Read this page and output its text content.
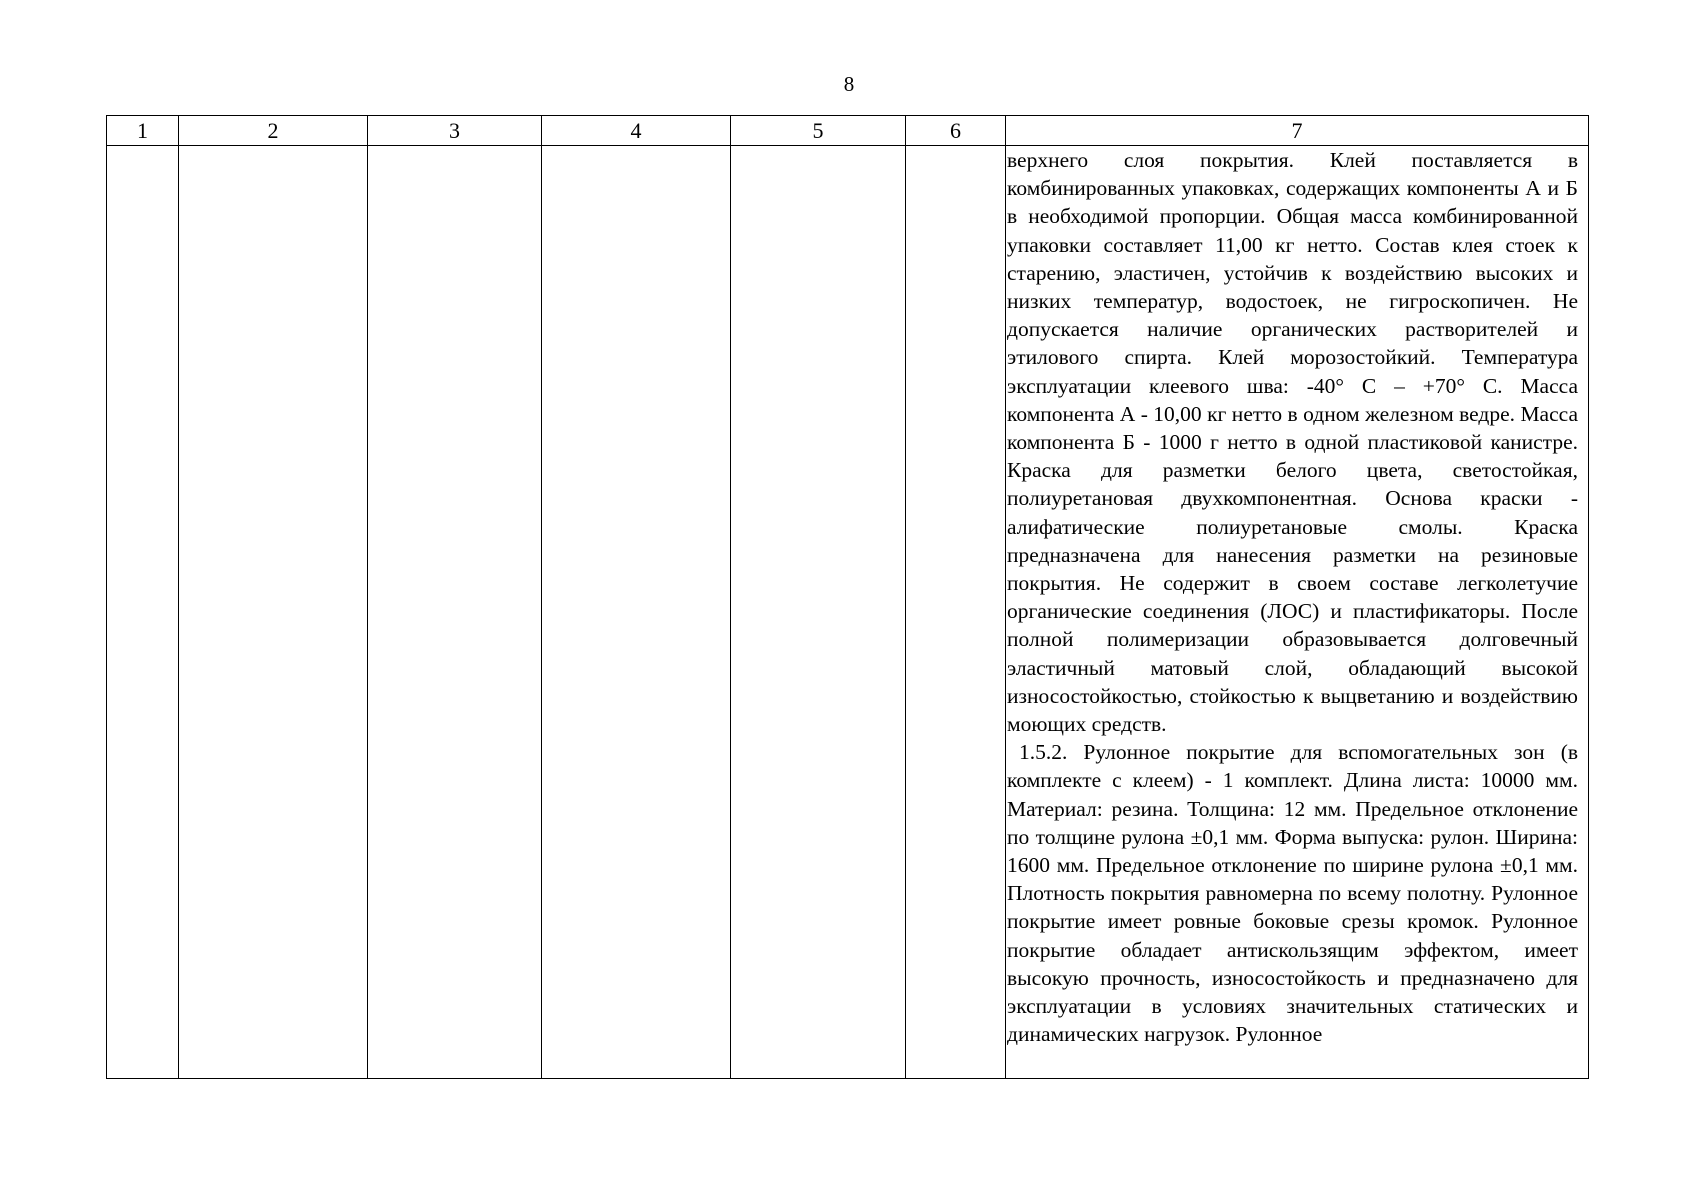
8
1	2	3	4	5	6	7

						верхнего слоя покрытия. Клей поставляется в комбинированных упаковках, содержащих компоненты А и Б в необходимой пропорции. Общая масса комбинированной упаковки составляет 11,00 кг нетто. Состав клея стоек к старению, эластичен, устойчив к воздействию высоких и низких температур, водостоек, не гигроскопичен. Не допускается наличие органических растворителей и этилового спирта. Клей морозостойкий. Температура эксплуатации клеевого шва: -40° С – +70° С. Масса компонента А - 10,00 кг нетто в одном железном ведре. Масса компонента Б - 1000 г нетто в одной пластиковой канистре. Краска для разметки белого цвета, светостойкая, полиуретановая двухкомпонентная. Основа краски - алифатические полиуретановые смолы. Краска предназначена для нанесения разметки на резиновые покрытия. Не содержит в своем составе легколетучие органические соединения (ЛОС) и пластификаторы. После полной полимеризации образовывается долговечный эластичный матовый слой, обладающий высокой износостойкостью, стойкостью к выцветанию и воздействию моющих средств.

1.5.2. Рулонное покрытие для вспомогательных зон (в комплекте с клеем) - 1 комплект. Длина листа: 10000 мм. Материал: резина. Толщина: 12 мм. Предельное отклонение по толщине рулона ±0,1 мм. Форма выпуска: рулон. Ширина: 1600 мм. Предельное отклонение по ширине рулона ±0,1 мм. Плотность покрытия равномерна по всему полотну. Рулонное покрытие имеет ровные боковые срезы кромок. Рулонное покрытие обладает антискользящим эффектом, имеет высокую прочность, износостойкость и предназначено для эксплуатации в условиях значительных статических и динамических нагрузок. Рулонное
